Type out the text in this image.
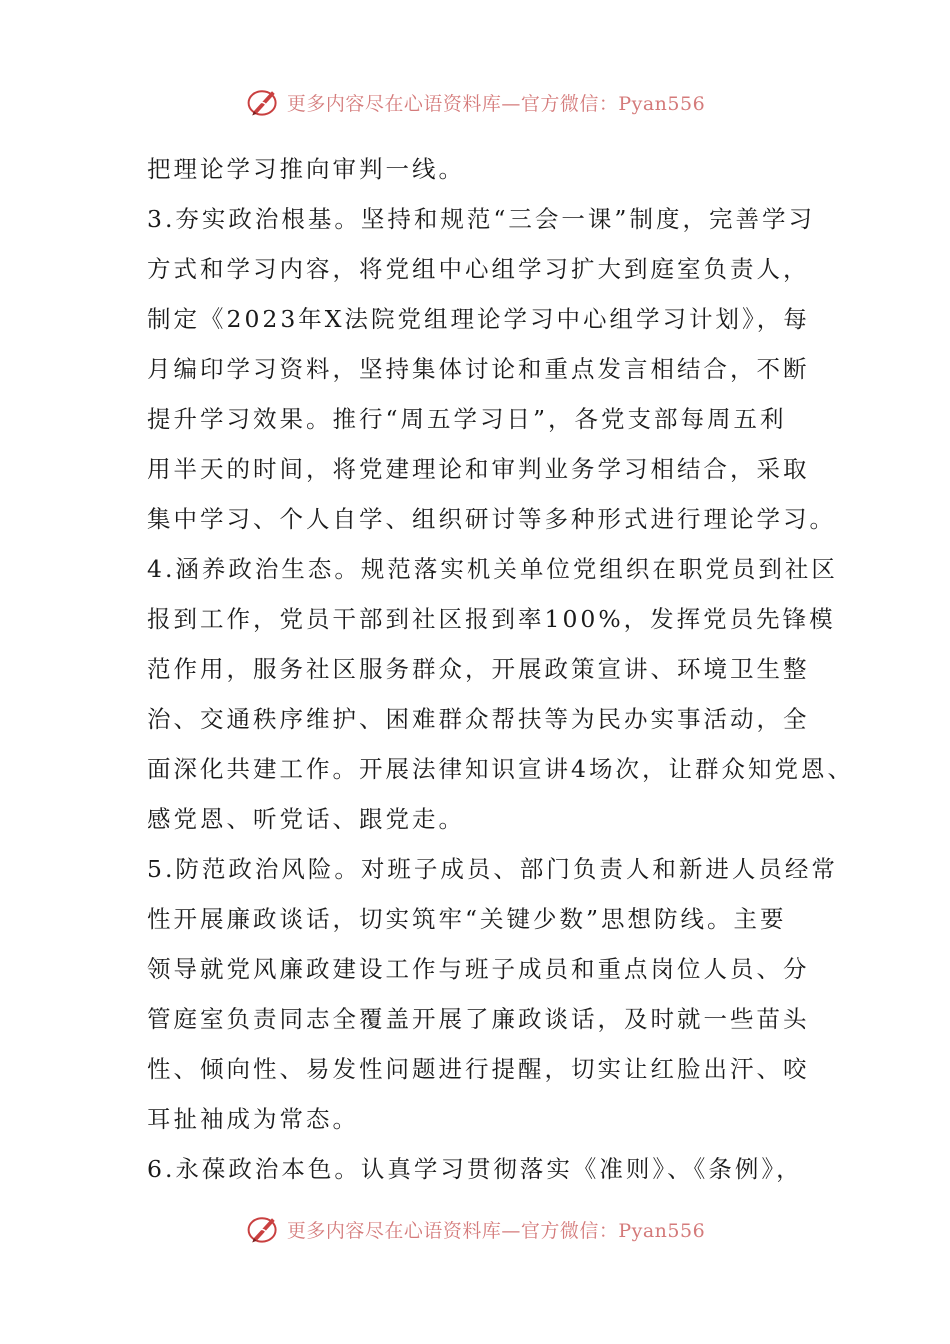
更多内容尽在心语资料库—官方微信：Pyan556
把理论学习推向审判一线。
3.夯实政治根基。坚持和规范“三会一课”制度，完善学习
方式和学习内容，将党组中心组学习扩大到庭室负责人，
制定《2023年X法院党组理论学习中心组学习计划》，每
月编印学习资料，坚持集体讨论和重点发言相结合，不断
提升学习效果。推行“周五学习日”，各党支部每周五利
用半天的时间，将党建理论和审判业务学习相结合，采取
集中学习、个人自学、组织研讨等多种形式进行理论学习。
4.涵养政治生态。规范落实机关单位党组织在职党员到社区
报到工作，党员干部到社区报到率100%，发挥党员先锋模
范作用，服务社区服务群众，开展政策宣讲、环境卫生整
治、交通秩序维护、困难群众帮扶等为民办实事活动，全
面深化共建工作。开展法律知识宣讲4场次，让群众知党恩、
感党恩、听党话、跟党走。
5.防范政治风险。对班子成员、部门负责人和新进人员经常
性开展廉政谈话，切实筑牢“关键少数”思想防线。主要
领导就党风廉政建设工作与班子成员和重点岗位人员、分
管庭室负责同志全覆盖开展了廉政谈话，及时就一些苗头
性、倾向性、易发性问题进行提醒，切实让红脸出汗、咬
耳扯袖成为常态。
6.永葆政治本色。认真学习贯彻落实《准则》、《条例》，
更多内容尽在心语资料库—官方微信：Pyan556
